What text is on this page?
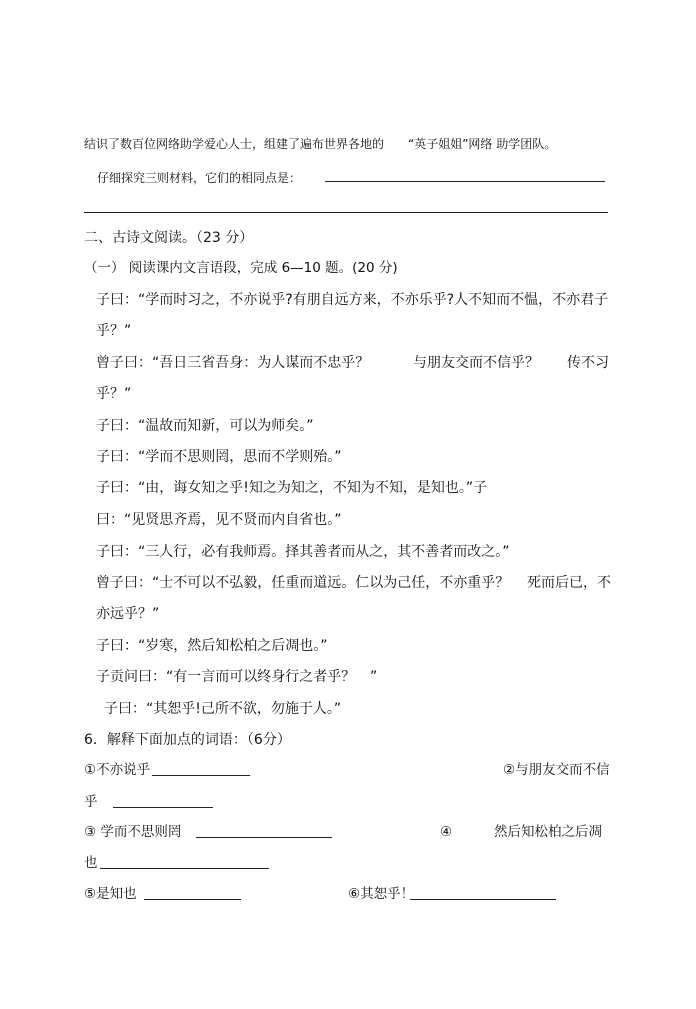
结识了数百位网络助学爱心人士，组建了遍布世界各地的 “英子姐姐”网络 助学团队。
仔细探究三则材料，它们的相同点是：
二、古诗文阅读。（23 分）
（一） 阅读课内文言语段，完成 6—10 题。(20 分)
子曰：“学而时习之，不亦说乎?有朋自远方来，不亦乐乎?人不知而不愠，不亦君子
乎？”
曾子曰：“吾日三省吾身：为人谋而不忠乎？	与朋友交而不信乎？ 传不习
乎？”
子曰：“温故而知新，可以为师矣。”
子曰：“学而不思则罔，思而不学则殆。”
子曰：“由，诲女知之乎!知之为知之，不知为不知，是知也。”子
曰：“见贤思齐焉，见不贤而内自省也。”
子曰：“三人行，必有我师焉。择其善者而从之，其不善者而改之。”
曾子曰：“士不可以不弘毅，任重而道远。仁以为己任，不亦重乎？ 死而后已，不
亦远乎？”
子曰：“岁寒，然后知松柏之后凋也。”
子贡问曰：“有一言而可以终身行之者乎？ ”
子曰：“其恕乎!己所不欲，勿施于人。”
6．解释下面加点的词语：（6分）
①不亦说乎	②与朋友交而不信
乎
③ 学而不思则罔	④	然后知松柏之后凋
也
⑤是知也	⑥其恕乎！
